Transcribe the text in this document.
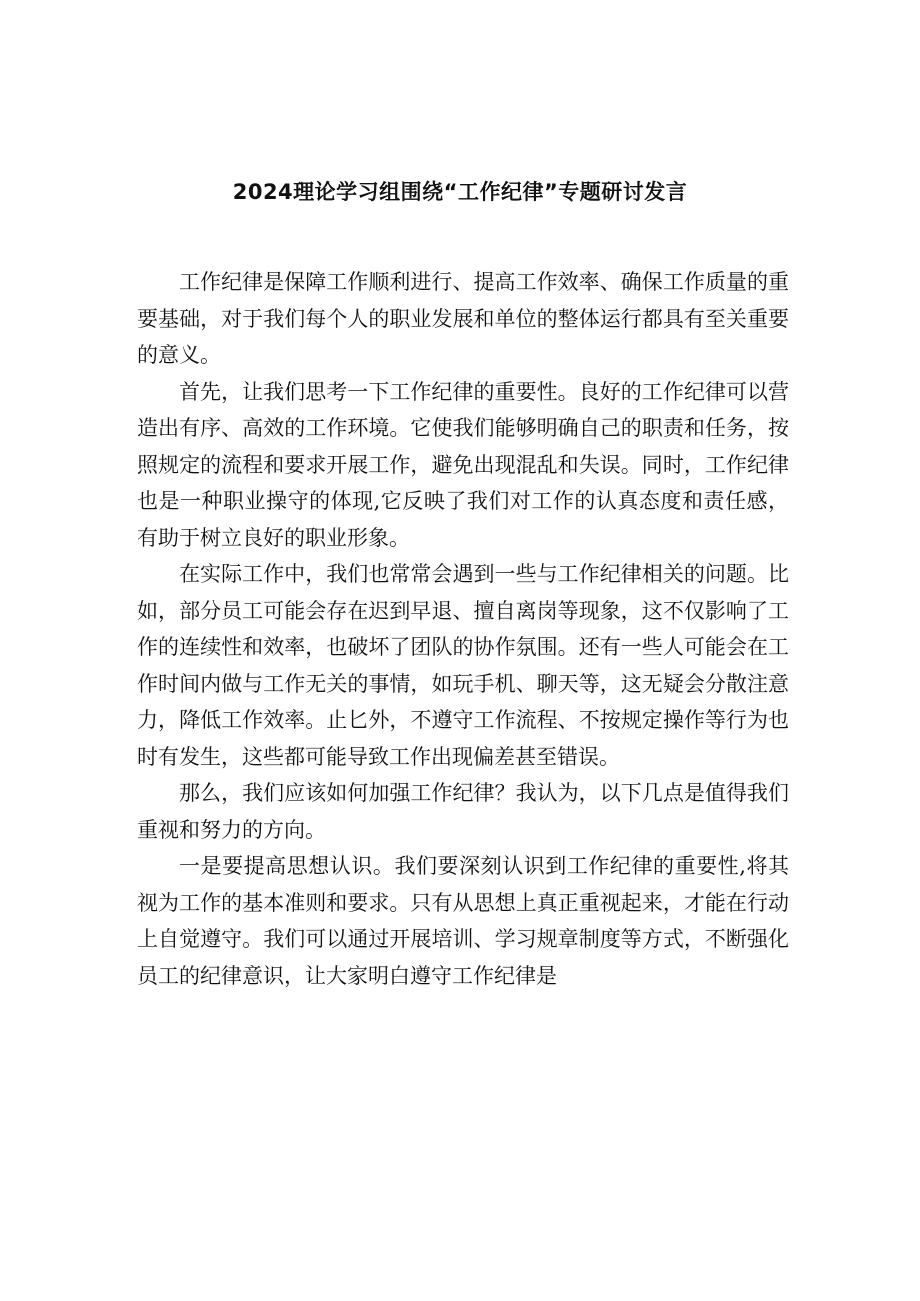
2024理论学习组围绕“工作纪律”专题研讨发言

工作纪律是保障工作顺利进行、提高工作效率、确保工作质量的重要基础，对于我们每个人的职业发展和单位的整体运行都具有至关重要的意义。

首先，让我们思考一下工作纪律的重要性。良好的工作纪律可以营造出有序、高效的工作环境。它使我们能够明确自己的职责和任务，按照规定的流程和要求开展工作，避免出现混乱和失误。同时，工作纪律也是一种职业操守的体现,它反映了我们对工作的认真态度和责任感，有助于树立良好的职业形象。

在实际工作中，我们也常常会遇到一些与工作纪律相关的问题。比如，部分员工可能会存在迟到早退、擅自离岗等现象，这不仅影响了工作的连续性和效率，也破坏了团队的协作氛围。还有一些人可能会在工作时间内做与工作无关的事情，如玩手机、聊天等，这无疑会分散注意力，降低工作效率。止匕外，不遵守工作流程、不按规定操作等行为也时有发生，这些都可能导致工作出现偏差甚至错误。

那么，我们应该如何加强工作纪律？我认为，以下几点是值得我们重视和努力的方向。

一是要提高思想认识。我们要深刻认识到工作纪律的重要性,将其视为工作的基本准则和要求。只有从思想上真正重视起来，才能在行动上自觉遵守。我们可以通过开展培训、学习规章制度等方式，不断强化员工的纪律意识，让大家明白遵守工作纪律是
